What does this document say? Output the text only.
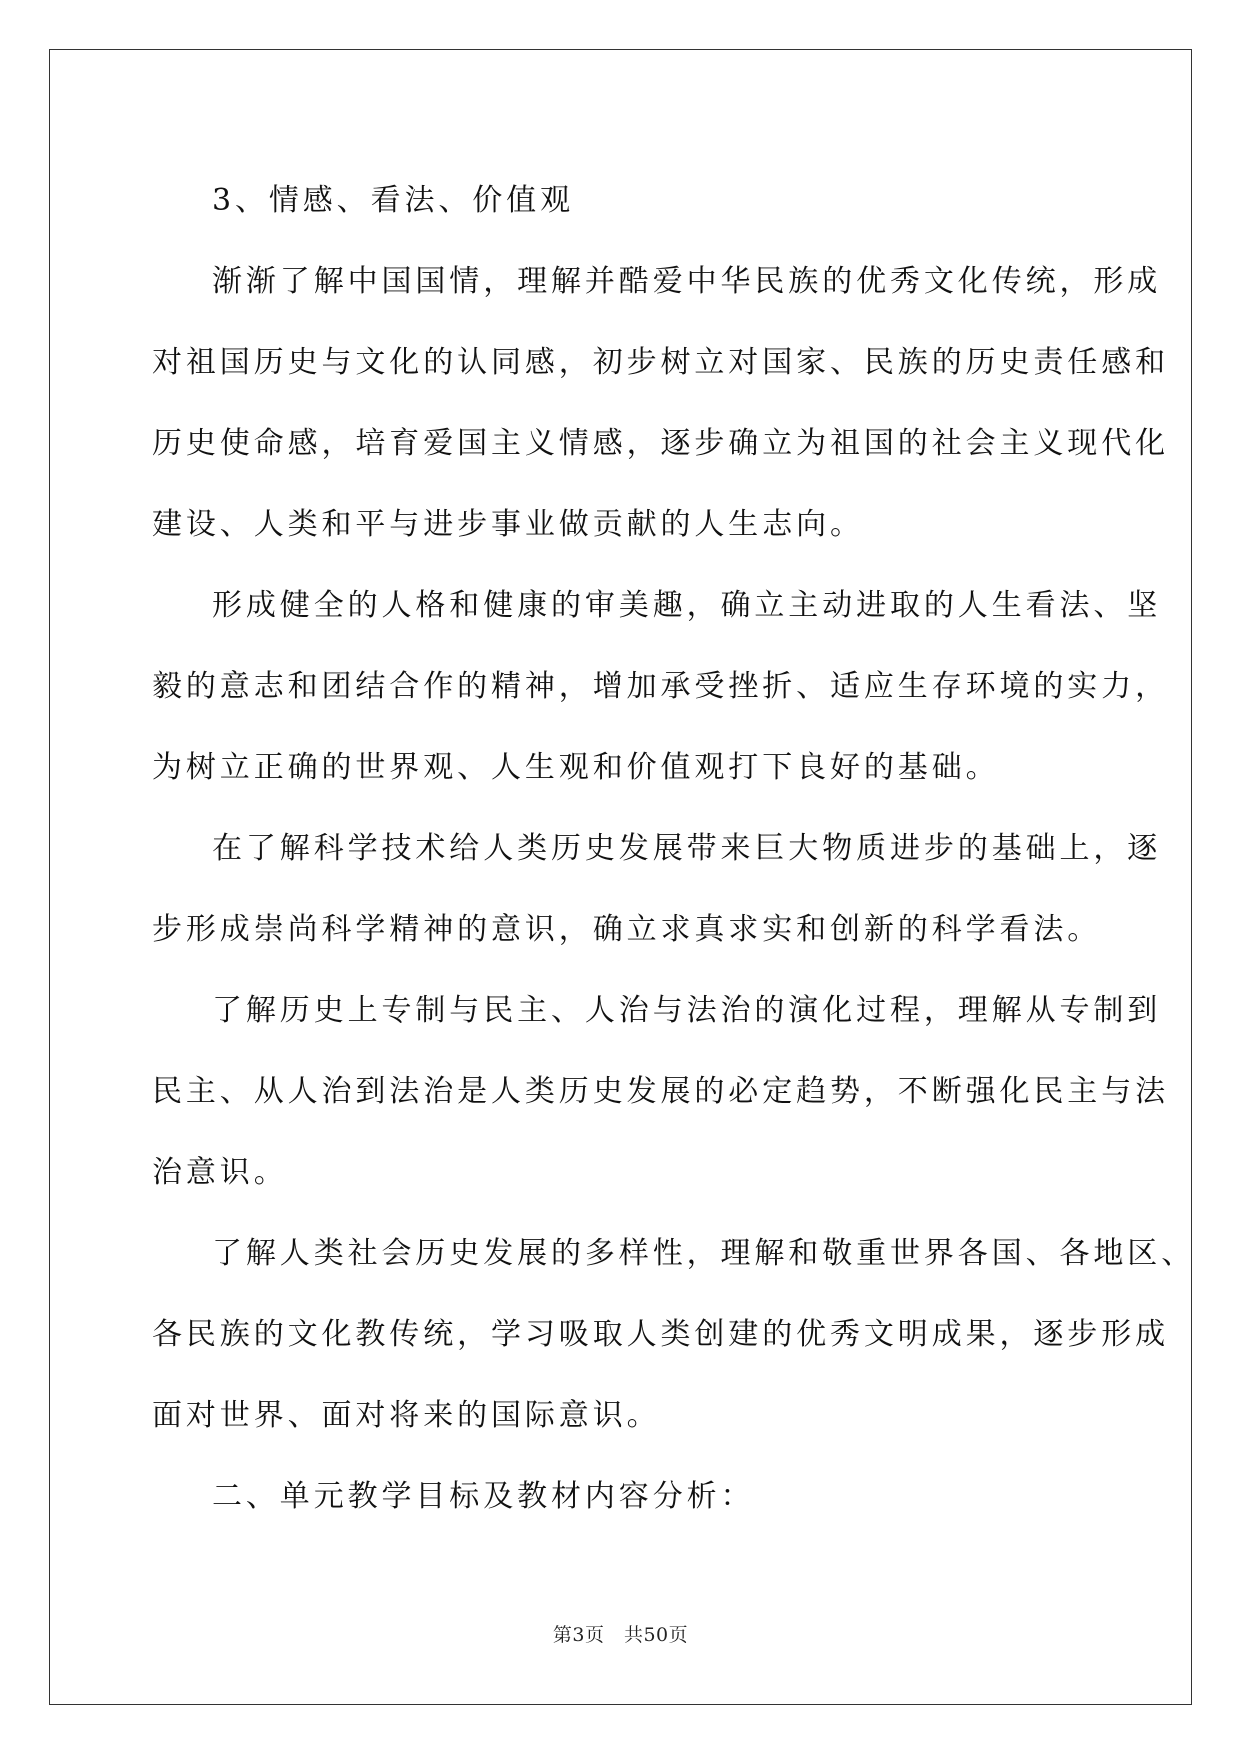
3、情感、看法、价值观

渐渐了解中国国情，理解并酷爱中华民族的优秀文化传统，形成
对祖国历史与文化的认同感，初步树立对国家、民族的历史责任感和
历史使命感，培育爱国主义情感，逐步确立为祖国的社会主义现代化
建设、人类和平与进步事业做贡献的人生志向。

形成健全的人格和健康的审美趣，确立主动进取的人生看法、坚
毅的意志和团结合作的精神，增加承受挫折、适应生存环境的实力，
为树立正确的世界观、人生观和价值观打下良好的基础。

在了解科学技术给人类历史发展带来巨大物质进步的基础上，逐
步形成崇尚科学精神的意识，确立求真求实和创新的科学看法。

了解历史上专制与民主、人治与法治的演化过程，理解从专制到
民主、从人治到法治是人类历史发展的必定趋势，不断强化民主与法
治意识。

了解人类社会历史发展的多样性，理解和敬重世界各国、各地区、
各民族的文化教传统，学习吸取人类创建的优秀文明成果，逐步形成
面对世界、面对将来的国际意识。

二、单元教学目标及教材内容分析：

第3页　共50页
